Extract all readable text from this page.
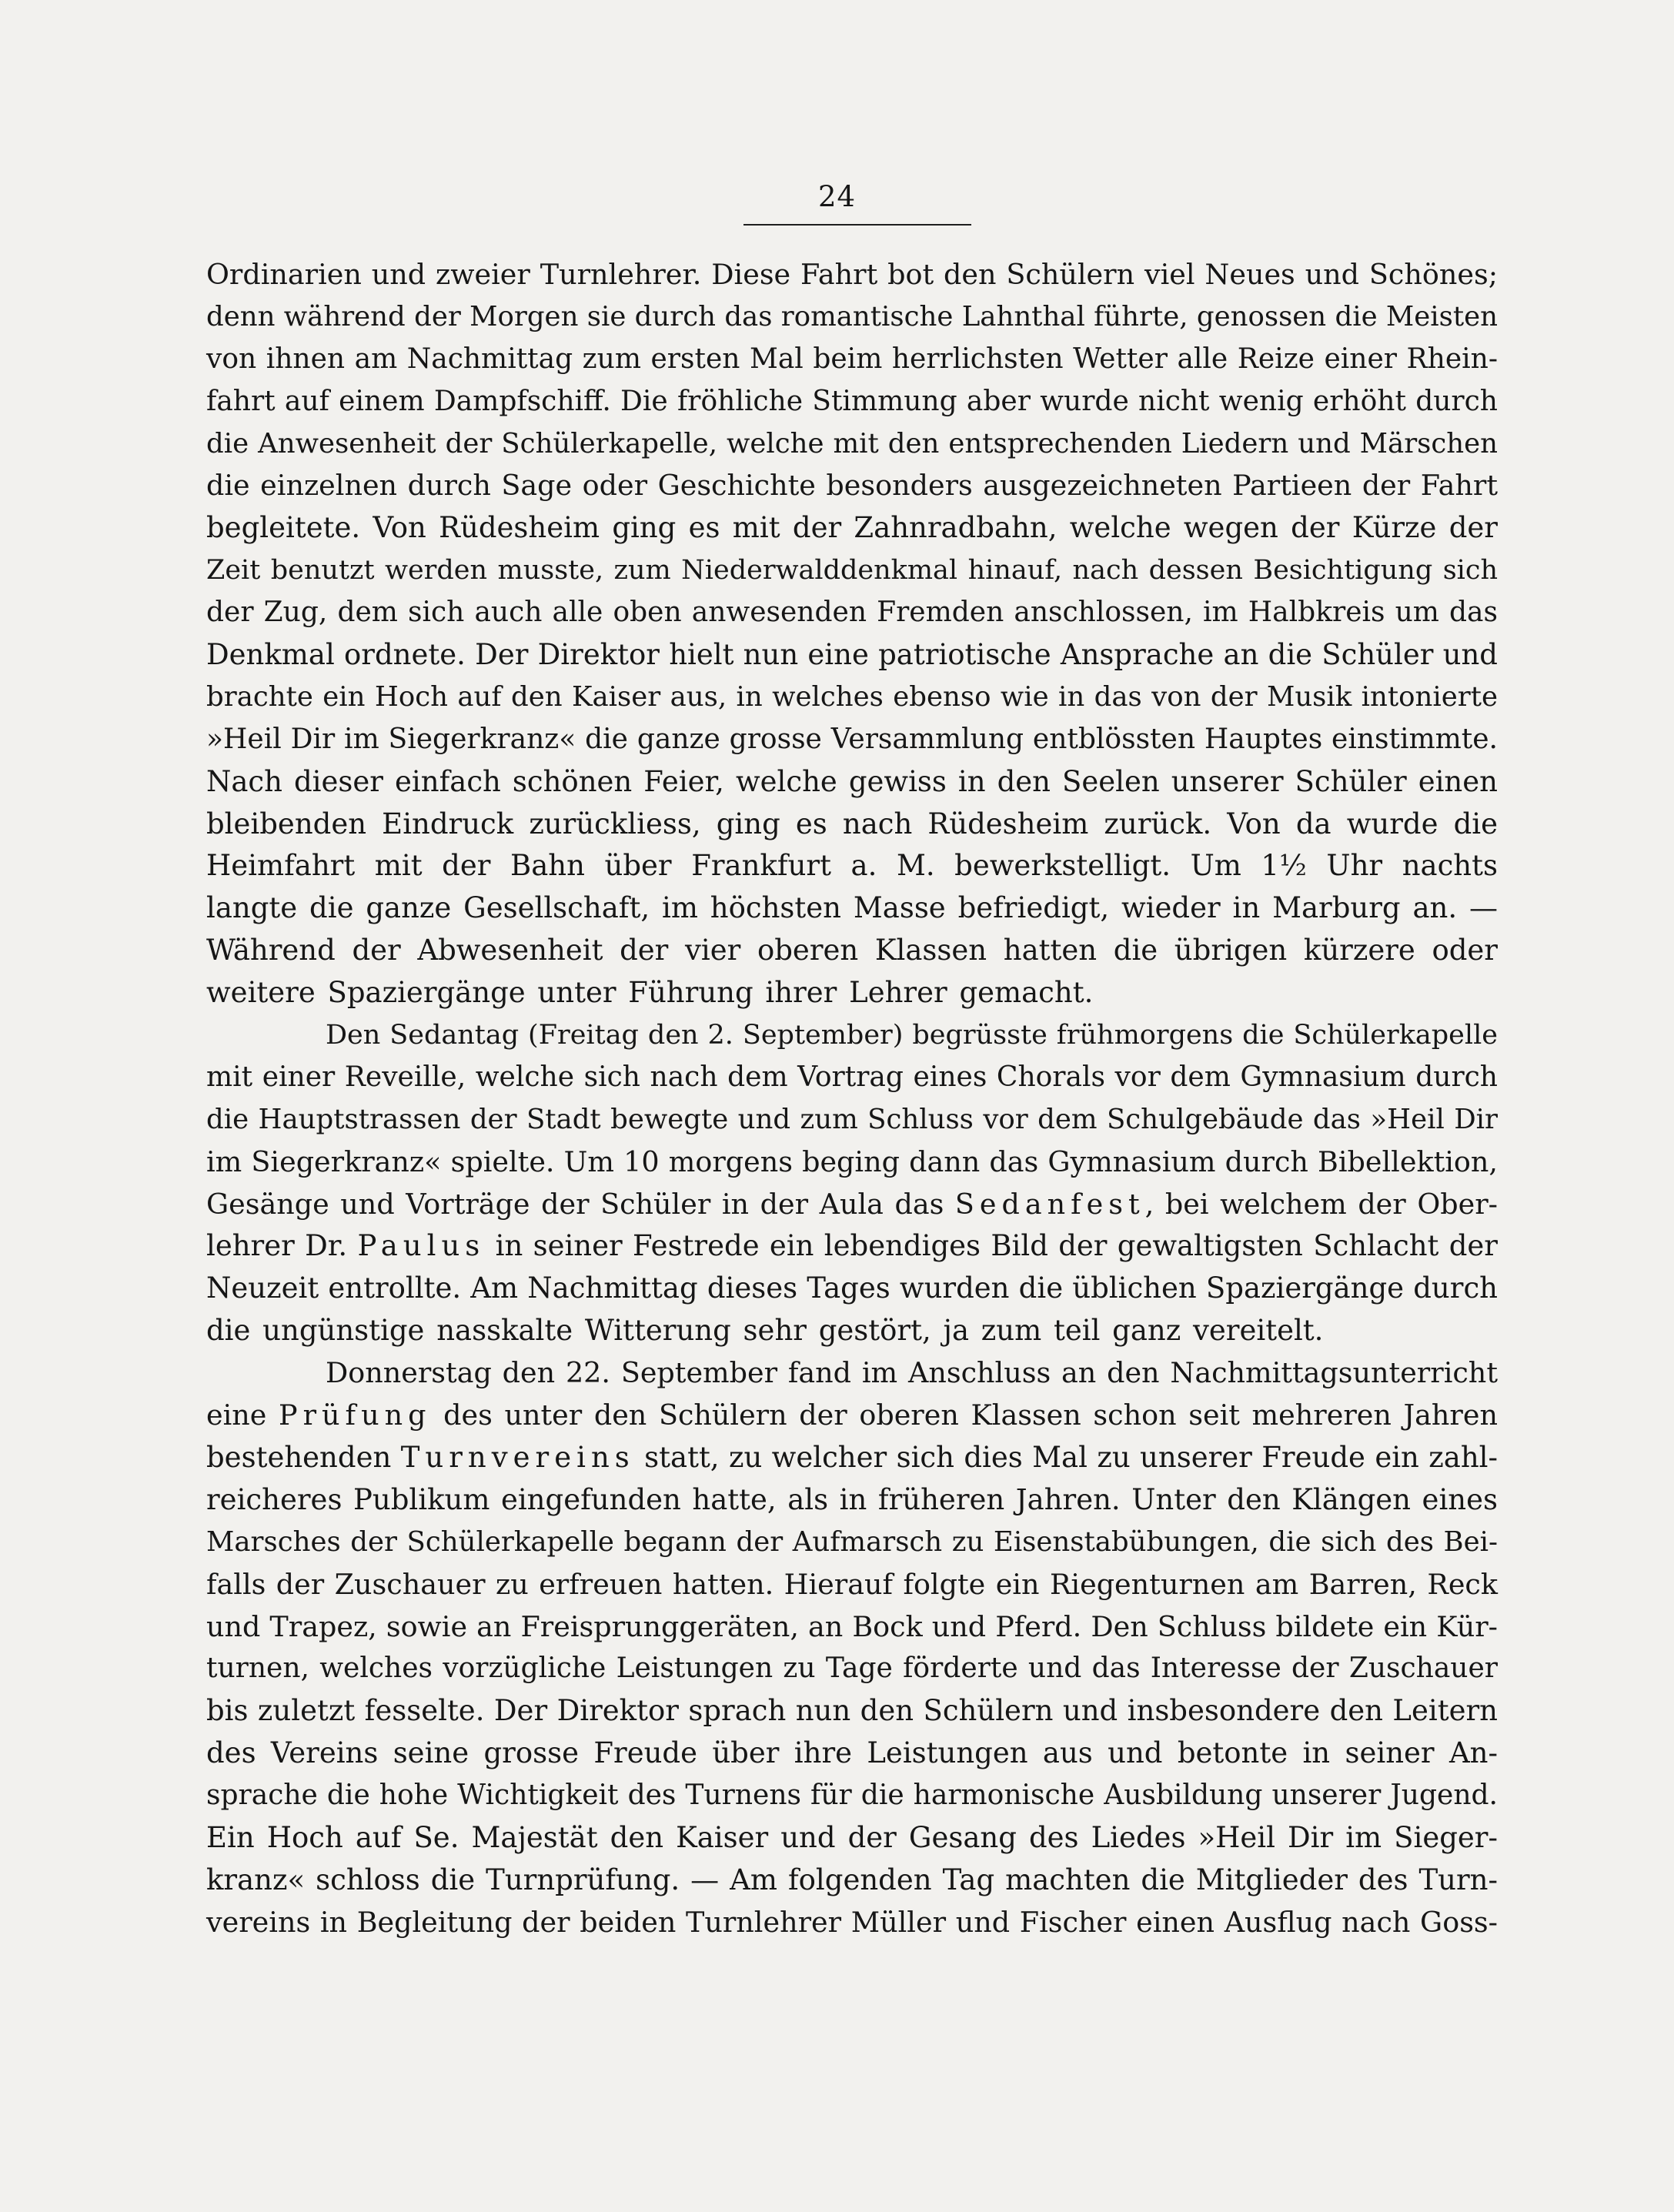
24
Ordinarien und zweier Turnlehrer. Diese Fahrt bot den Schülern viel Neues und Schönes;
denn während der Morgen sie durch das romantische Lahnthal führte, genossen die Meisten
von ihnen am Nachmittag zum ersten Mal beim herrlichsten Wetter alle Reize einer Rhein-
fahrt auf einem Dampfschiff. Die fröhliche Stimmung aber wurde nicht wenig erhöht durch
die Anwesenheit der Schülerkapelle, welche mit den entsprechenden Liedern und Märschen
die einzelnen durch Sage oder Geschichte besonders ausgezeichneten Partieen der Fahrt
begleitete. Von Rüdesheim ging es mit der Zahnradbahn, welche wegen der Kürze der
Zeit benutzt werden musste, zum Niederwalddenkmal hinauf, nach dessen Besichtigung sich
der Zug, dem sich auch alle oben anwesenden Fremden anschlossen, im Halbkreis um das
Denkmal ordnete. Der Direktor hielt nun eine patriotische Ansprache an die Schüler und
brachte ein Hoch auf den Kaiser aus, in welches ebenso wie in das von der Musik intonierte
»Heil Dir im Siegerkranz« die ganze grosse Versammlung entblössten Hauptes einstimmte.
Nach dieser einfach schönen Feier, welche gewiss in den Seelen unserer Schüler einen
bleibenden Eindruck zurückliess, ging es nach Rüdesheim zurück. Von da wurde die
Heimfahrt mit der Bahn über Frankfurt a. M. bewerkstelligt. Um 1½ Uhr nachts
langte die ganze Gesellschaft, im höchsten Masse befriedigt, wieder in Marburg an. —
Während der Abwesenheit der vier oberen Klassen hatten die übrigen kürzere oder
weitere Spaziergänge unter Führung ihrer Lehrer gemacht.
Den Sedantag (Freitag den 2. September) begrüsste frühmorgens die Schülerkapelle
mit einer Reveille, welche sich nach dem Vortrag eines Chorals vor dem Gymnasium durch
die Hauptstrassen der Stadt bewegte und zum Schluss vor dem Schulgebäude das »Heil Dir
im Siegerkranz« spielte. Um 10 morgens beging dann das Gymnasium durch Bibellektion,
Gesänge und Vorträge der Schüler in der Aula das Sedanfest, bei welchem der Ober-
lehrer Dr. Paulus in seiner Festrede ein lebendiges Bild der gewaltigsten Schlacht der
Neuzeit entrollte. Am Nachmittag dieses Tages wurden die üblichen Spaziergänge durch
die ungünstige nasskalte Witterung sehr gestört, ja zum teil ganz vereitelt.
Donnerstag den 22. September fand im Anschluss an den Nachmittagsunterricht
eine Prüfung des unter den Schülern der oberen Klassen schon seit mehreren Jahren
bestehenden Turnvereins statt, zu welcher sich dies Mal zu unserer Freude ein zahl-
reicheres Publikum eingefunden hatte, als in früheren Jahren. Unter den Klängen eines
Marsches der Schülerkapelle begann der Aufmarsch zu Eisenstabübungen, die sich des Bei-
falls der Zuschauer zu erfreuen hatten. Hierauf folgte ein Riegenturnen am Barren, Reck
und Trapez, sowie an Freisprunggeräten, an Bock und Pferd. Den Schluss bildete ein Kür-
turnen, welches vorzügliche Leistungen zu Tage förderte und das Interesse der Zuschauer
bis zuletzt fesselte. Der Direktor sprach nun den Schülern und insbesondere den Leitern
des Vereins seine grosse Freude über ihre Leistungen aus und betonte in seiner An-
sprache die hohe Wichtigkeit des Turnens für die harmonische Ausbildung unserer Jugend.
Ein Hoch auf Se. Majestät den Kaiser und der Gesang des Liedes »Heil Dir im Sieger-
kranz« schloss die Turnprüfung. — Am folgenden Tag machten die Mitglieder des Turn-
vereins in Begleitung der beiden Turnlehrer Müller und Fischer einen Ausflug nach Goss-
